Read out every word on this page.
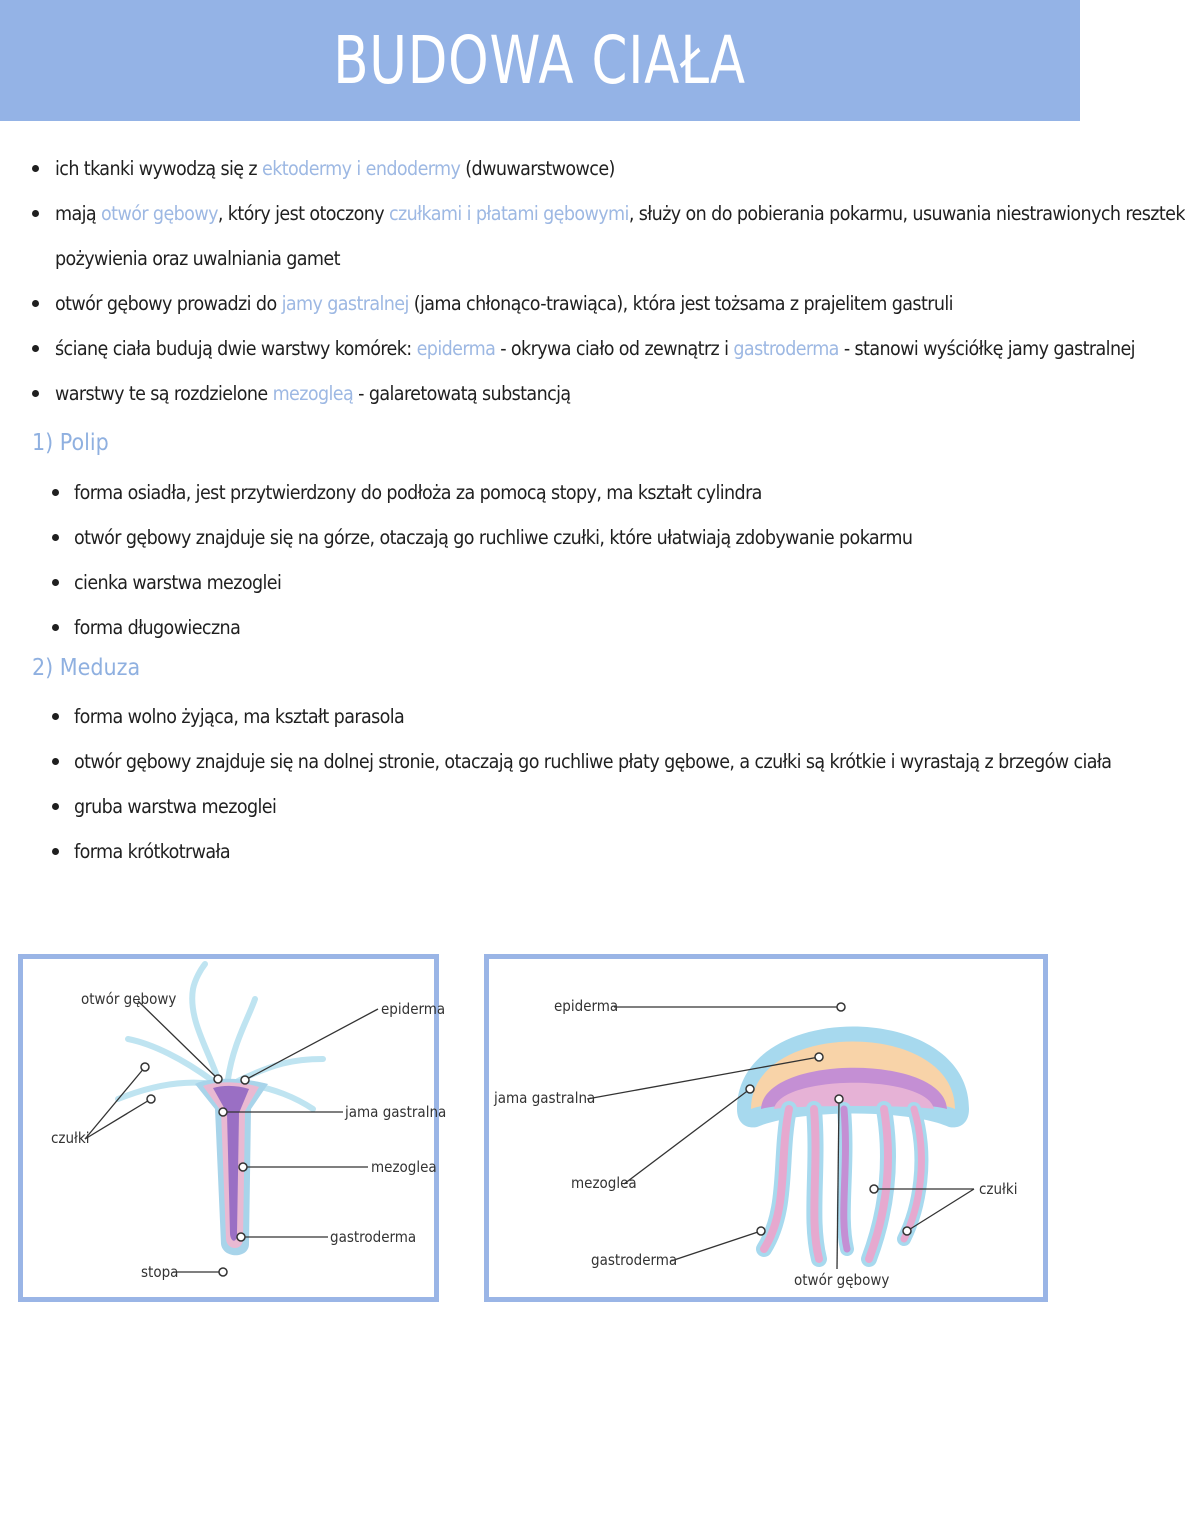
BUDOWA CIAŁA
ich tkanki wywodzą się z ektodermy i endodermy (dwuwarstwowce)
mają otwór gębowy, który jest otoczony czułkami i płatami gębowymi, służy on do pobierania pokarmu, usuwania niestrawionych resztek
pożywienia oraz uwalniania gamet
otwór gębowy prowadzi do jamy gastralnej (jama chłonąco-trawiąca), która jest tożsama z prajelitem gastruli
ścianę ciała budują dwie warstwy komórek: epiderma - okrywa ciało od zewnątrz i gastroderma - stanowi wyściółkę jamy gastralnej
warstwy te są rozdzielone mezogleą - galaretowatą substancją
1) Polip
forma osiadła, jest przytwierdzony do podłoża za pomocą stopy, ma kształt cylindra
otwór gębowy znajduje się na górze, otaczają go ruchliwe czułki, które ułatwiają zdobywanie pokarmu
cienka warstwa mezoglei
forma długowieczna
2) Meduza
forma wolno żyjąca, ma kształt parasola
otwór gębowy znajduje się na dolnej stronie, otaczają go ruchliwe płaty gębowe, a czułki są krótkie i wyrastają z brzegów ciała
gruba warstwa mezoglei
forma krótkotrwała
otwór gębowy
czułki
epiderma
jama gastralna
mezoglea
gastroderma
stopa
epiderma
jama gastralna
mezoglea
gastroderma
otwór gębowy
czułki
